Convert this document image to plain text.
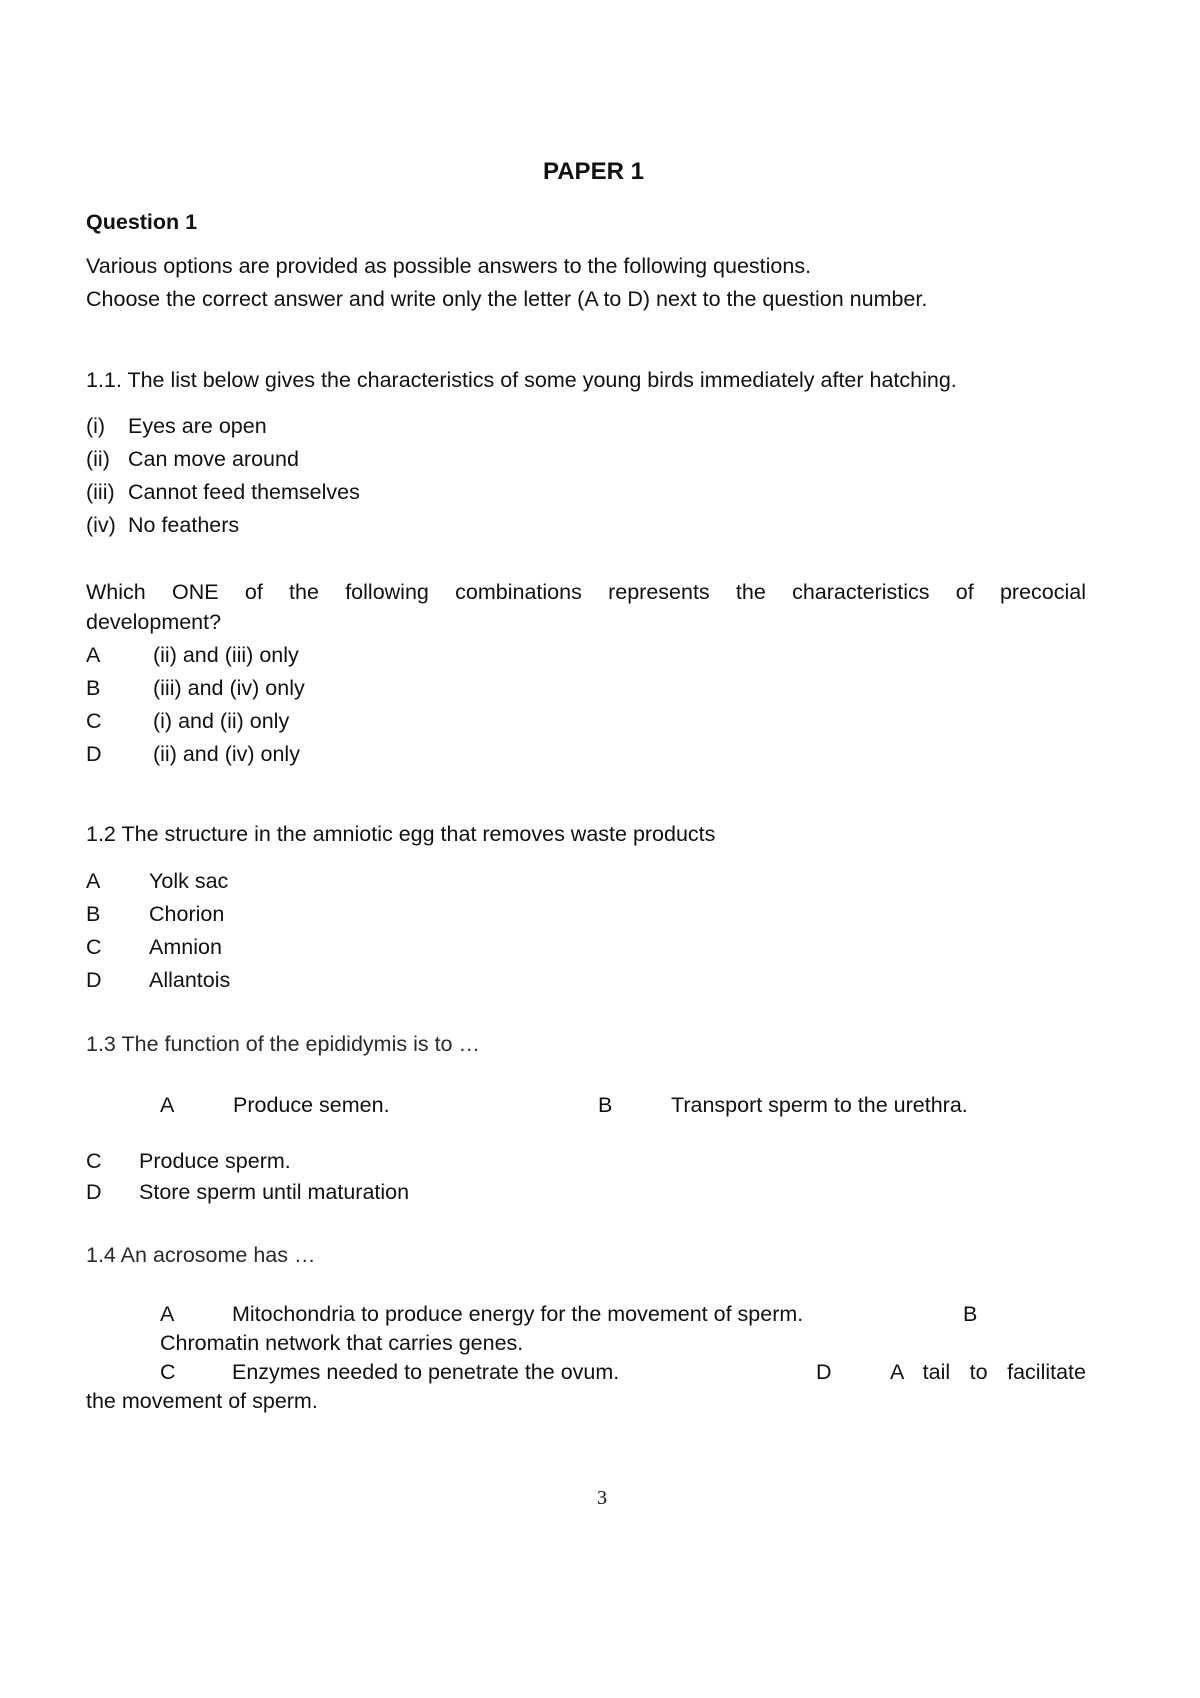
PAPER 1
Question 1
Various options are provided as possible answers to the following questions.
Choose the correct answer and write only the letter (A to D) next to the question number.
1.1. The list below gives the characteristics of some young birds immediately after hatching.
(i) Eyes are open
(ii) Can move around
(iii) Cannot feed themselves
(iv) No feathers
Which ONE of the following combinations represents the characteristics of precocial
development?
A (ii) and (iii) only
B (iii) and (iv) only
C (i) and (ii) only
D (ii) and (iv) only
1.2 The structure in the amniotic egg that removes waste products
A Yolk sac
B Chorion
C Amnion
D Allantois
1.3 The function of the epididymis is to …
A	Produce semen.	B	Transport sperm to the urethra.
C Produce sperm.
D Store sperm until maturation
1.4 An acrosome has …
A	Mitochondria to produce energy for the movement of sperm.	B
Chromatin network that carries genes.
C	Enzymes needed to penetrate the ovum.	D	A tail to facilitate
the movement of sperm.
3
